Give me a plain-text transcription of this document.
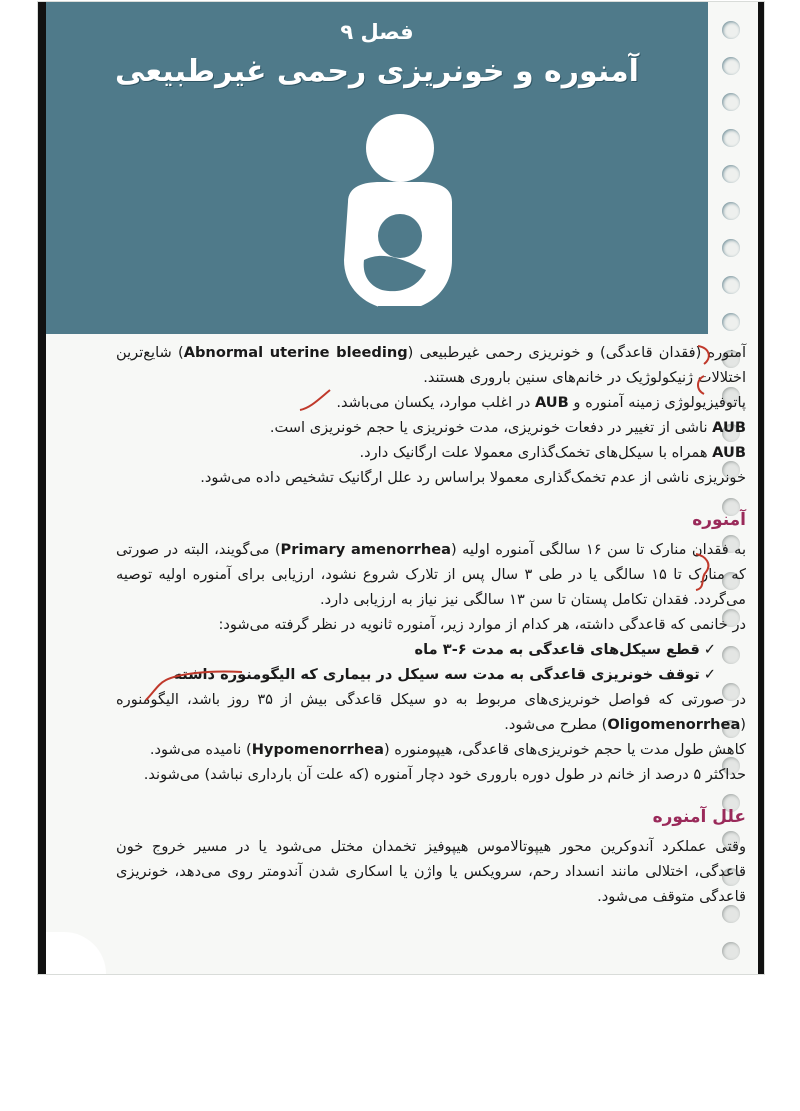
فصل ۹
آمنوره و خونریزی رحمی غیرطبیعی

آمنوره (فقدان قاعدگی) و خونریزی رحمی غیرطبیعی (Abnormal uterine bleeding) شایع‌ترین اختلالات ژنیکولوژیک در خانم‌های سنین باروری هستند.

پاتوفیزیولوژی زمینه آمنوره و AUB در اغلب موارد، یکسان می‌باشد.

AUB ناشی از تغییر در دفعات خونریزی، مدت خونریزی یا حجم خونریزی است.

AUB همراه با سیکل‌های تخمک‌گذاری معمولا علت ارگانیک دارد.

خونریزی ناشی از عدم تخمک‌گذاری معمولا براساس رد علل ارگانیک تشخیص داده می‌شود.

آمنوره

به فقدان منارک تا سن ۱۶ سالگی آمنوره اولیه (Primary amenorrhea) می‌گویند، البته در صورتی که منارک تا ۱۵ سالگی یا در طی ۳ سال پس از تلارک شروع نشود، ارزیابی برای آمنوره اولیه توصیه می‌گردد. فقدان تکامل پستان تا سن ۱۳ سالگی نیز نیاز به ارزیابی دارد.

در خانمی که قاعدگی داشته، هر کدام از موارد زیر، آمنوره ثانویه در نظر گرفته می‌شود:

✓قطع سیکل‌های قاعدگی به مدت ۶-۳ ماه

✓توقف خونریزی قاعدگی به مدت سه سیکل در بیماری که الیگومنوره داشته

در صورتی که فواصل خونریزی‌های مربوط به دو سیکل قاعدگی بیش از ۳۵ روز باشد، الیگومنوره (Oligomenorrhea) مطرح می‌شود.

کاهش طول مدت یا حجم خونریزی‌های قاعدگی، هیپومنوره (Hypomenorrhea) نامیده می‌شود.

حداکثر ۵ درصد از خانم در طول دوره باروری خود دچار آمنوره (که علت آن بارداری نباشد) می‌شوند.

علل آمنوره

وقتی عملکرد آندوکرین محور هیپوتالاموس هیپوفیز تخمدان مختل می‌شود یا در مسیر خروج خون قاعدگی، اختلالی مانند انسداد رحم، سرویکس یا واژن یا اسکاری شدن آندومتر روی می‌دهد، خونریزی قاعدگی متوقف می‌شود.
